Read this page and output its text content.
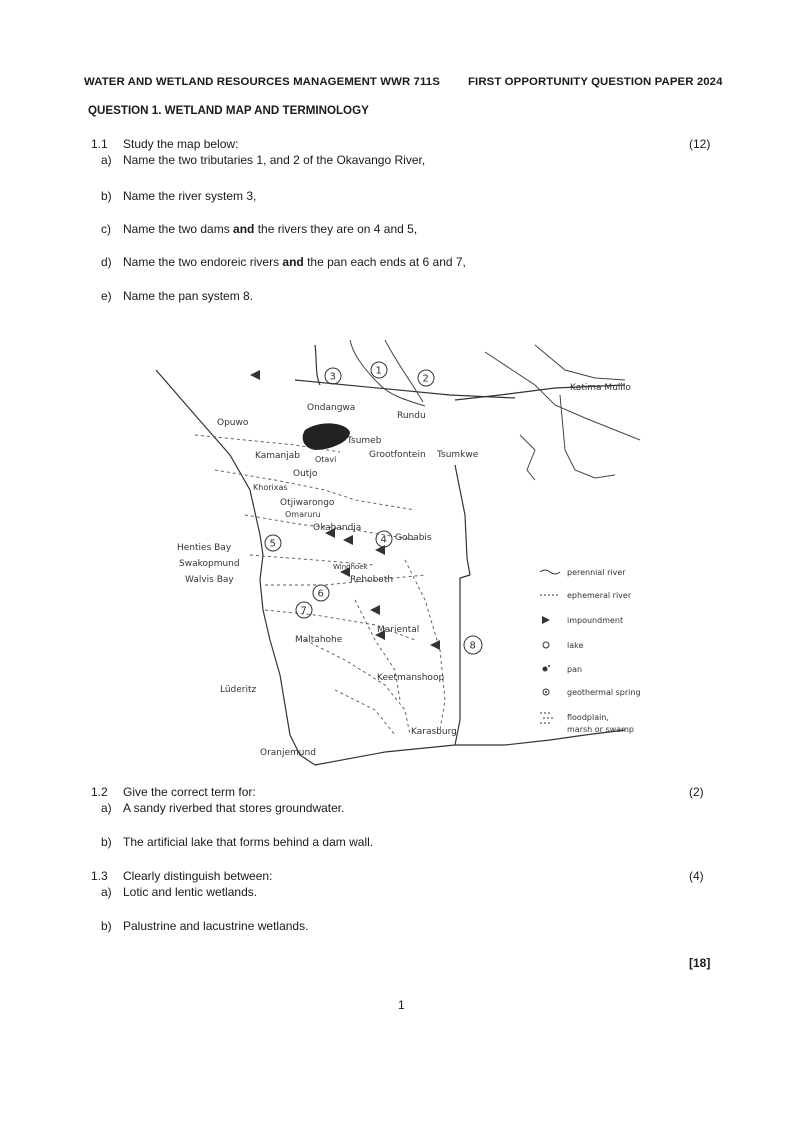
WATER AND WETLAND RESOURCES MANAGEMENT WWR 711S FIRST OPPORTUNITY QUESTION PAPER 2024
QUESTION 1. WETLAND MAP AND TERMINOLOGY
1.1 Study the map below:	(12)
a) Name the two tributaries 1, and 2 of the Okavango River,
b) Name the river system 3,
c) Name the two dams and the rivers they are on 4 and 5,
d) Name the two endoreic rivers and the pan each ends at 6 and 7,
e) Name the pan system 8.
Ondangwa
Rundu
Katima Mulilo
Opuwo
Tsumeb
Kamanjab Otavi	Grootfontein Tsumkwe
Outjo
Khorixas
Otjiwarongo
Omaruru
Okahandja
Gobabis
Henties Bay
Swakopmund
Walvis Bay
Windhoek
Rehoboth
Maltahohe
Mariental
Keetmanshoop
Lüderitz
Karasburg
Oranjemund
1
2
3
4
5
6
7
8
perennial river
ephemeral river
impoundment
lake
pan
geothermal spring
floodplain,
marsh or swamp
1.2 Give the correct term for:	(2)
a) A sandy riverbed that stores groundwater.
b) The artificial lake that forms behind a dam wall.
1.3 Clearly distinguish between:	(4)
a) Lotic and lentic wetlands.
b) Palustrine and lacustrine wetlands.
[18]
1
